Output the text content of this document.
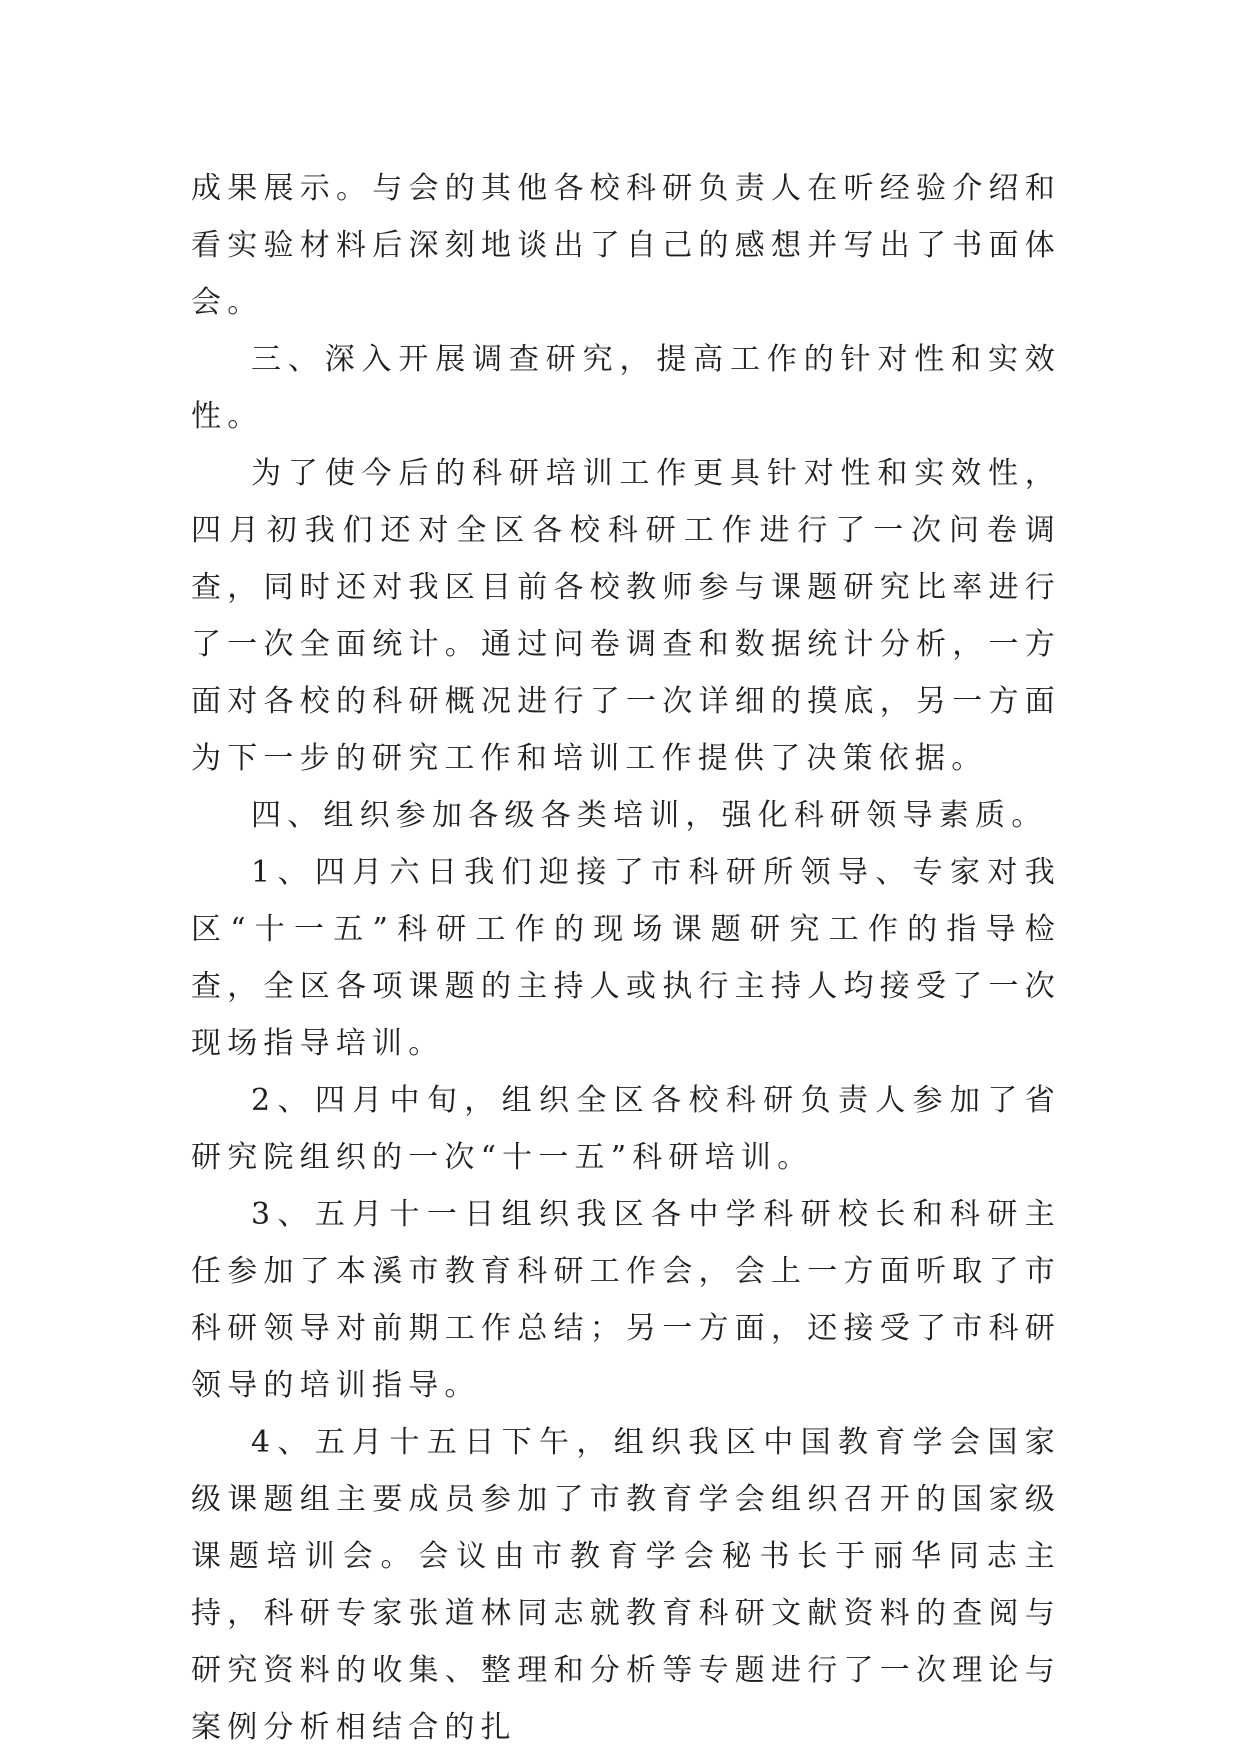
成果展示。与会的其他各校科研负责人在听经验介绍和看实验材料后深刻地谈出了自己的感想并写出了书面体会。

三、深入开展调查研究，提高工作的针对性和实效性。

为了使今后的科研培训工作更具针对性和实效性，四月初我们还对全区各校科研工作进行了一次问卷调查，同时还对我区目前各校教师参与课题研究比率进行了一次全面统计。通过问卷调查和数据统计分析，一方面对各校的科研概况进行了一次详细的摸底，另一方面为下一步的研究工作和培训工作提供了决策依据。

四、组织参加各级各类培训，强化科研领导素质。

1、四月六日我们迎接了市科研所领导、专家对我区“十一五”科研工作的现场课题研究工作的指导检查，全区各项课题的主持人或执行主持人均接受了一次现场指导培训。

2、四月中旬，组织全区各校科研负责人参加了省研究院组织的一次“十一五”科研培训。

3、五月十一日组织我区各中学科研校长和科研主任参加了本溪市教育科研工作会，会上一方面听取了市科研领导对前期工作总结；另一方面，还接受了市科研领导的培训指导。

4、五月十五日下午，组织我区中国教育学会国家级课题组主要成员参加了市教育学会组织召开的国家级课题培训会。会议由市教育学会秘书长于丽华同志主持，科研专家张道林同志就教育科研文献资料的查阅与研究资料的收集、整理和分析等专题进行了一次理论与案例分析相结合的扎
